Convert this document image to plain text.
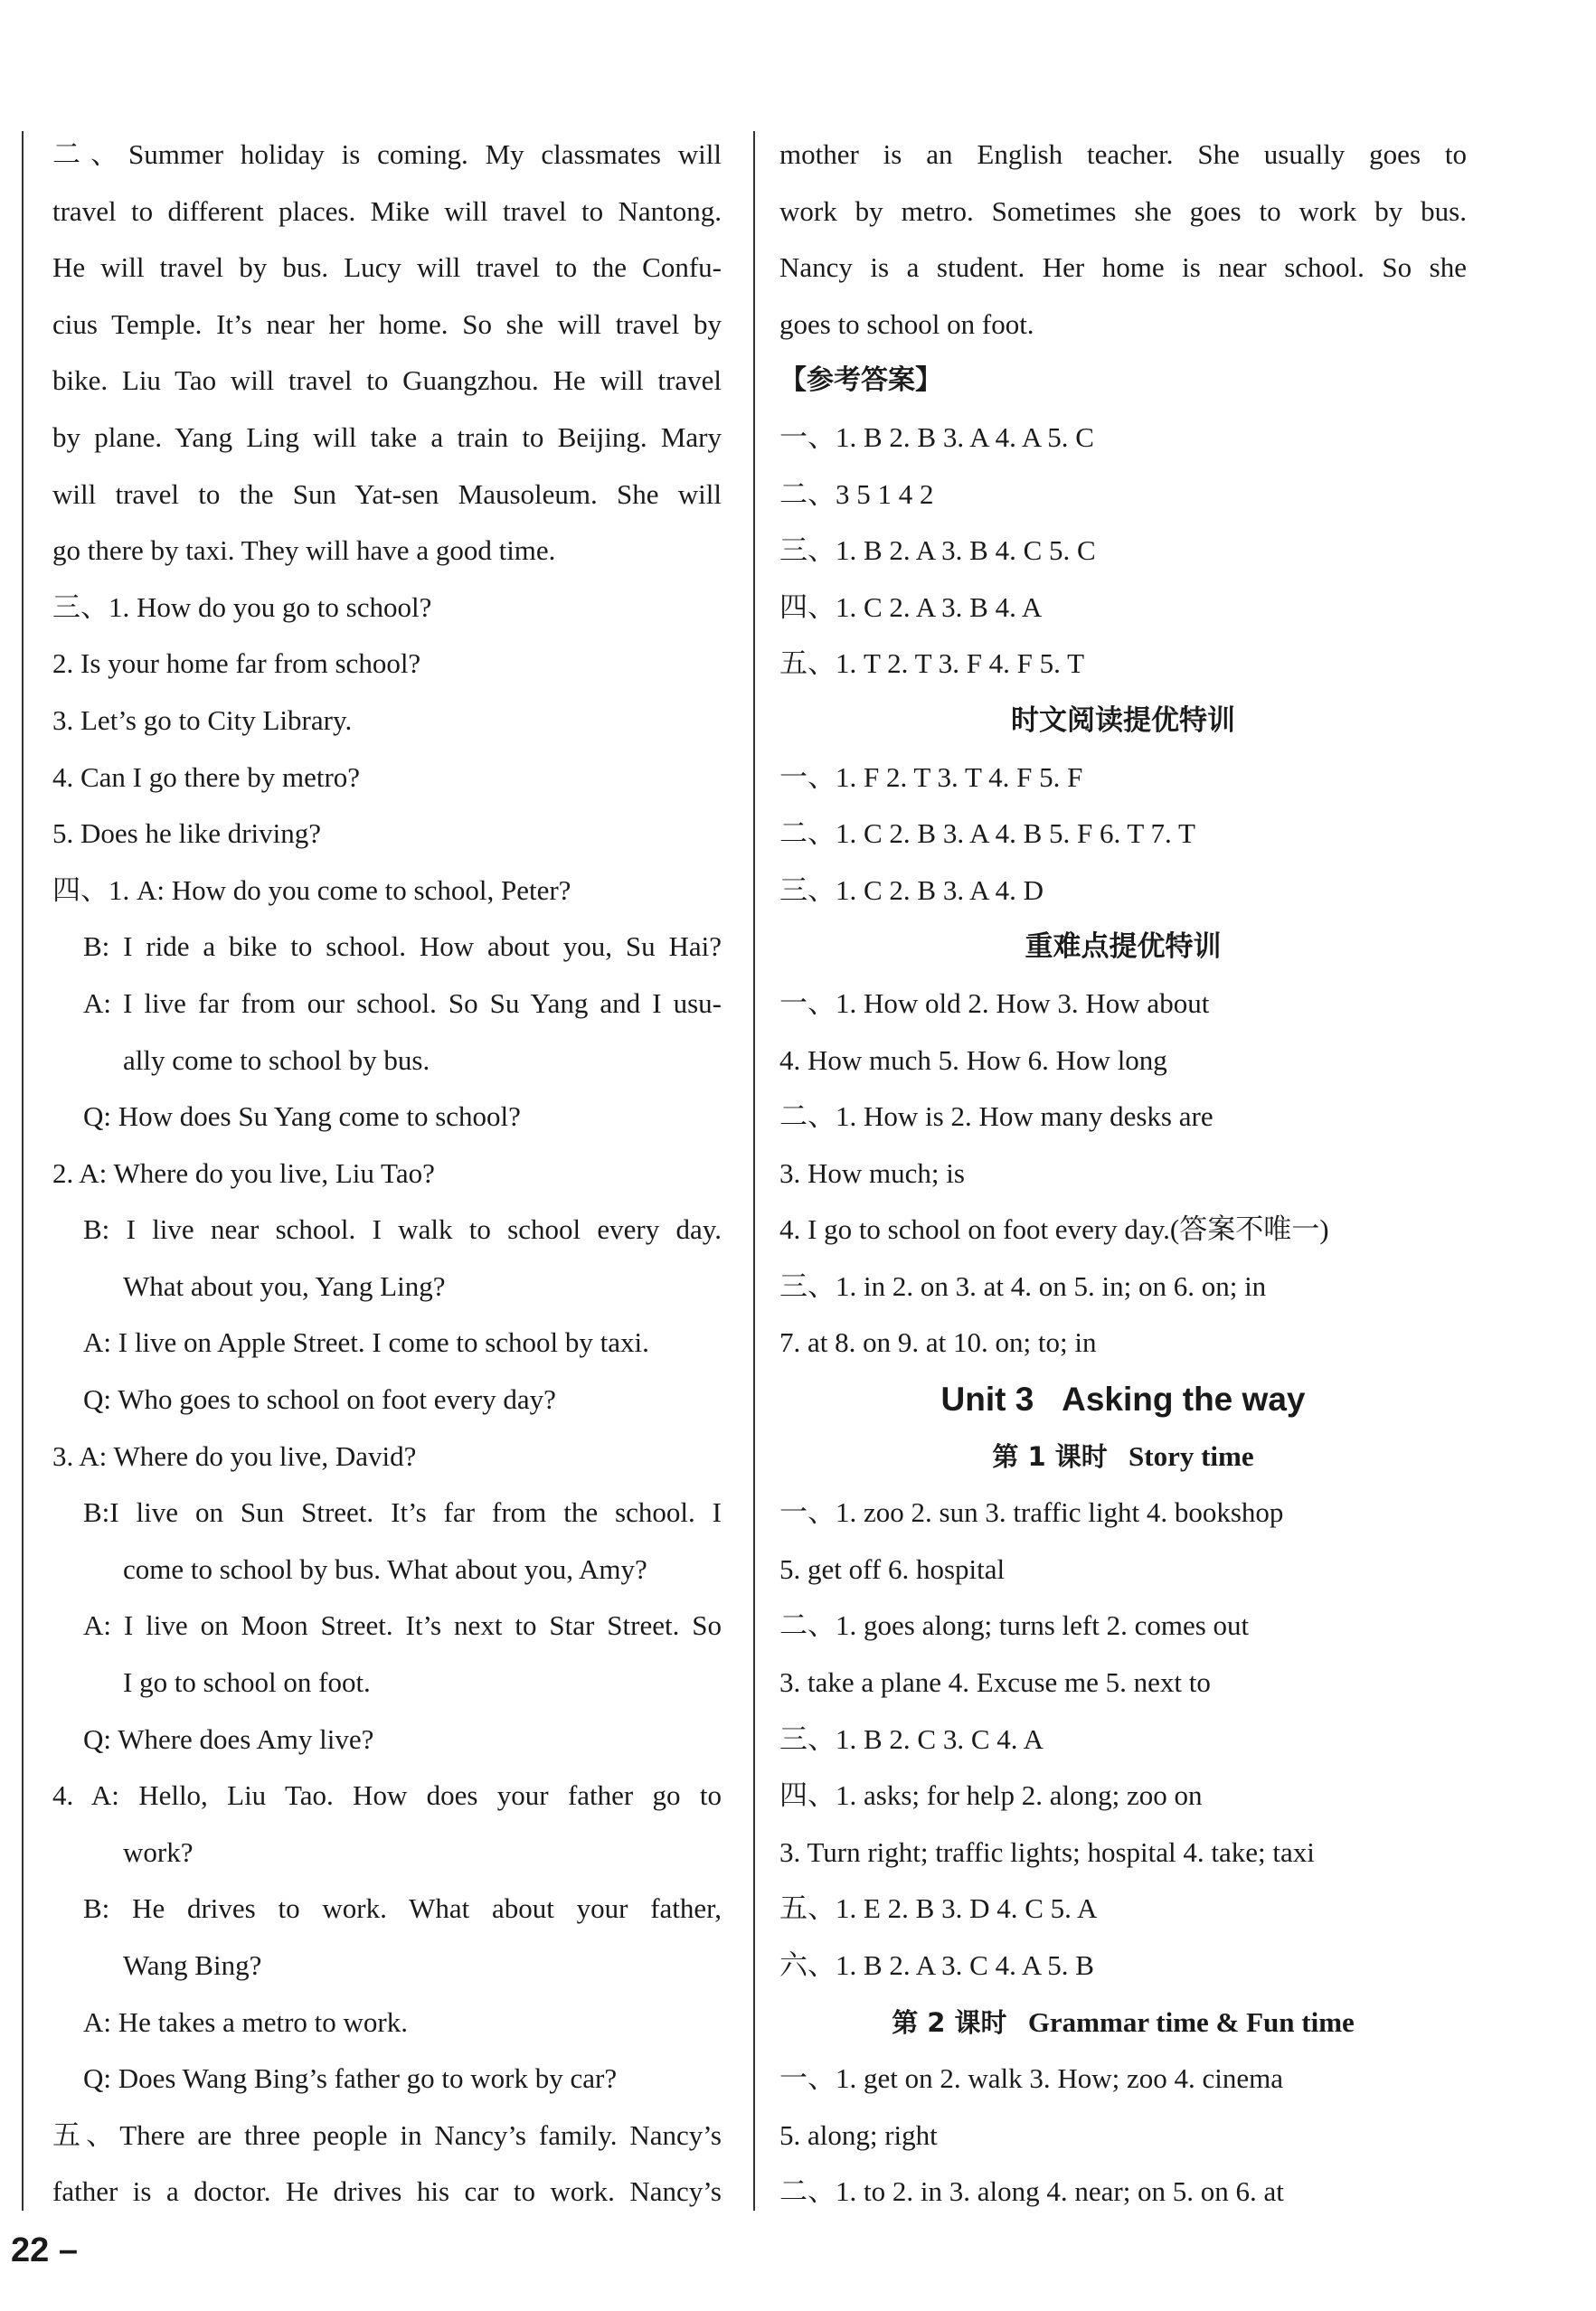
二、Summer holiday is coming. My classmates will
travel to different places. Mike will travel to Nantong.
He will travel by bus. Lucy will travel to the Confu-
cius Temple. It’s near her home. So she will travel by
bike. Liu Tao will travel to Guangzhou. He will travel
by plane. Yang Ling will take a train to Beijing. Mary
will travel to the Sun Yat-sen Mausoleum. She will
go there by taxi. They will have a good time.
三、1. How do you go to school?
2. Is your home far from school?
3. Let’s go to City Library.
4. Can I go there by metro?
5. Does he like driving?
四、1. A: How do you come to school, Peter?
B: I ride a bike to school. How about you, Su Hai?
A: I live far from our school. So Su Yang and I usu-
ally come to school by bus.
Q: How does Su Yang come to school?
2. A: Where do you live, Liu Tao?
B: I live near school. I walk to school every day.
What about you, Yang Ling?
A: I live on Apple Street. I come to school by taxi.
Q: Who goes to school on foot every day?
3. A: Where do you live, David?
B:I live on Sun Street. It’s far from the school. I
come to school by bus. What about you, Amy?
A: I live on Moon Street. It’s next to Star Street. So
I go to school on foot.
Q: Where does Amy live?
4. A: Hello, Liu Tao. How does your father go to
work?
B: He drives to work. What about your father,
Wang Bing?
A: He takes a metro to work.
Q: Does Wang Bing’s father go to work by car?
五、There are three people in Nancy’s family. Nancy’s
father is a doctor. He drives his car to work. Nancy’s
mother is an English teacher. She usually goes to
work by metro. Sometimes she goes to work by bus.
Nancy is a student. Her home is near school. So she
goes to school on foot.
【参考答案】
一、1. B 2. B 3. A 4. A 5. C
二、3 5 1 4 2
三、1. B 2. A 3. B 4. C 5. C
四、1. C 2. A 3. B 4. A
五、1. T 2. T 3. F 4. F 5. T
时文阅读提优特训
一、1. F 2. T 3. T 4. F 5. F
二、1. C 2. B 3. A 4. B 5. F 6. T 7. T
三、1. C 2. B 3. A 4. D
重难点提优特训
一、1. How old 2. How 3. How about
4. How much 5. How 6. How long
二、1. How is 2. How many desks are
3. How much; is
4. I go to school on foot every day.(答案不唯一)
三、1. in 2. on 3. at 4. on 5. in; on 6. on; in
7. at 8. on 9. at 10. on; to; in
Unit 3 Asking the way
第 1 课时 Story time
一、1. zoo 2. sun 3. traffic light 4. bookshop
5. get off 6. hospital
二、1. goes along; turns left 2. comes out
3. take a plane 4. Excuse me 5. next to
三、1. B 2. C 3. C 4. A
四、1. asks; for help 2. along; zoo on
3. Turn right; traffic lights; hospital 4. take; taxi
五、1. E 2. B 3. D 4. C 5. A
六、1. B 2. A 3. C 4. A 5. B
第 2 课时 Grammar time & Fun time
一、1. get on 2. walk 3. How; zoo 4. cinema
5. along; right
二、1. to 2. in 3. along 4. near; on 5. on 6. at
22 –
